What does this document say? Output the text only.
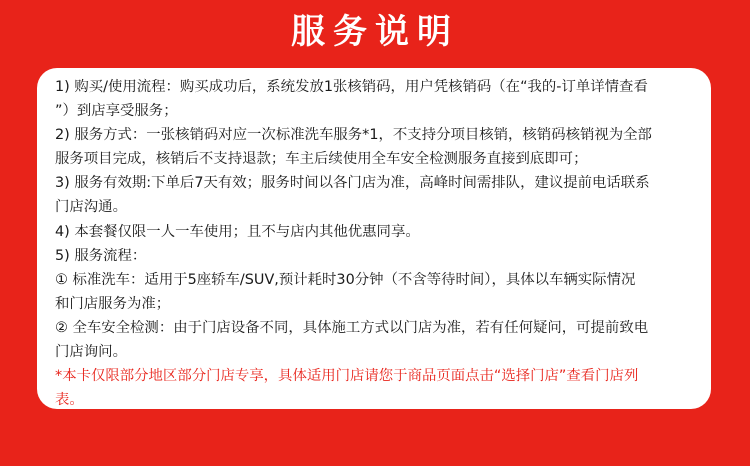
服务说明
1) 购买/使用流程：购买成功后，系统发放1张核销码，用户凭核销码（在“我的-订单详情查看
”）到店享受服务；
2) 服务方式：一张核销码对应一次标准洗车服务*1，不支持分项目核销，核销码核销视为全部
服务项目完成，核销后不支持退款；车主后续使用全车安全检测服务直接到底即可；
3) 服务有效期:下单后7天有效；服务时间以各门店为准，高峰时间需排队，建议提前电话联系
门店沟通。
4) 本套餐仅限一人一车使用；且不与店内其他优惠同享。
5) 服务流程：
① 标准洗车：适用于5座轿车/SUV,预计耗时30分钟（不含等待时间），具体以车辆实际情况
和门店服务为准；
② 全车安全检测：由于门店设备不同，具体施工方式以门店为准，若有任何疑问，可提前致电
门店询问。
*本卡仅限部分地区部分门店专享，具体适用门店请您于商品页面点击“选择门店”查看门店列
表。
